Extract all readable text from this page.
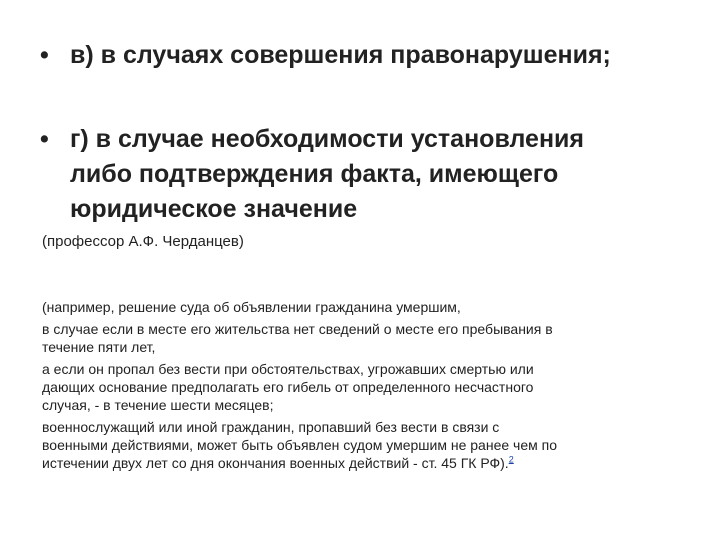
• в) в случаях совершения правонарушения;
• г) в случае необходимости установления
либо подтверждения факта, имеющего
юридическое значение
(профессор А.Ф. Черданцев)
(например, решение суда об объявлении гражданина умершим,
в случае если в месте его жительства нет сведений о месте его пребывания в
течение пяти лет,
а если он пропал без вести при обстоятельствах, угрожавших смертью или
дающих основание предполагать его гибель от определенного несчастного
случая, - в течение шести месяцев;
военнослужащий или иной гражданин, пропавший без вести в связи с
военными действиями, может быть объявлен судом умершим не ранее чем по
истечении двух лет со дня окончания военных действий - ст. 45 ГК РФ).$^2$
